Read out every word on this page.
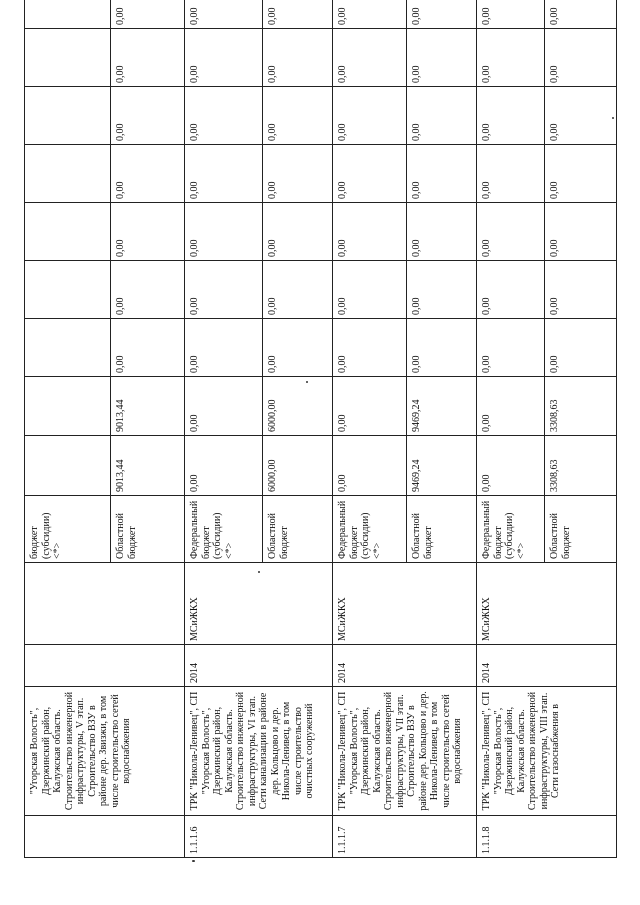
	"Угорская Волость", Дзержинский район, Калужская область. Строительство инженерной инфраструктуры, V этап. Строительство ВЗУ в районе дер. Звизжи, в том числе строительство сетей водоснабжения			бюджет (субсидии) <*>									
				Областной бюджет	9013,44	9013,44	0,00	0,00	0,00	0,00	0,00	0,00	0,00
1.1.1.6	ТРК "Никола-Ленивец", СП "Угорская Волость", Дзержинский район, Калужская область. Строительство инженерной инфраструктуры, VI этап. Сети канализации в районе дер. Кольцово и дер. Никола-Ленивец, в том числе строительство очистных сооружений	2014	МСиЖКХ	Федеральный бюджет (субсидии) <*>	0,00	0,00	0,00	0,00	0,00	0,00	0,00	0,00	0,00
				Областной бюджет	6000,00	6000,00	0,00	0,00	0,00	0,00	0,00	0,00	0,00
1.1.1.7	ТРК "Никола-Ленивец", СП "Угорская Волость", Дзержинский район, Калужская область. Строительство инженерной инфраструктуры, VII этап. Строительство ВЗУ в районе дер. Кольцово и дер. Никола-Ленивец, в том числе строительство сетей водоснабжения	2014	МСиЖКХ	Федеральный бюджет (субсидии) <*>	0,00	0,00	0,00	0,00	0,00	0,00	0,00	0,00	0,00
				Областной бюджет	9469,24	9469,24	0,00	0,00	0,00	0,00	0,00	0,00	0,00
1.1.1.8	ТРК "Никола-Ленивец", СП "Угорская Волость", Дзержинский район, Калужская область. Строительство инженерной инфраструктуры, VIII этап. Сети газоснабжения в	2014	МСиЖКХ	Федеральный бюджет (субсидии) <*>	0,00	0,00	0,00	0,00	0,00	0,00	0,00	0,00	0,00
				Областной бюджет	3308,63	3308,63	0,00	0,00	0,00	0,00	0,00	0,00	0,00
